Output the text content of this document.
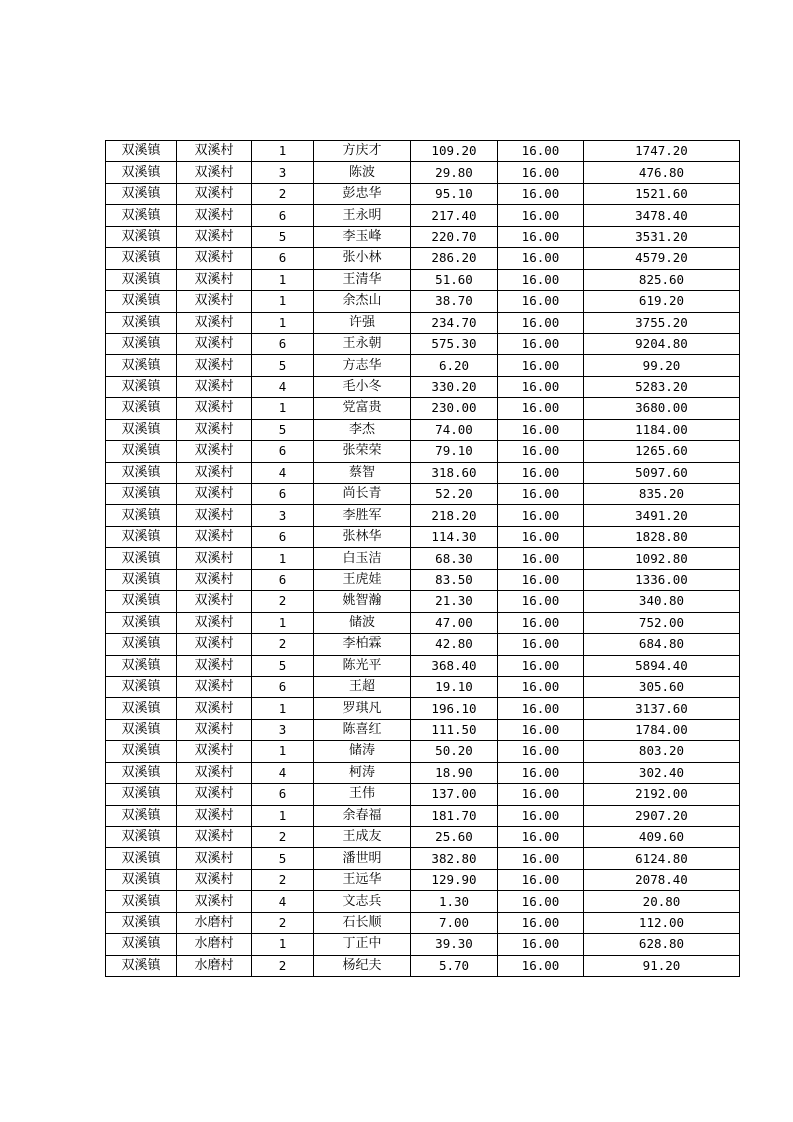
双溪镇	双溪村	1	方庆才	109.20	16.00	1747.20
双溪镇	双溪村	3	陈波	29.80	16.00	476.80
双溪镇	双溪村	2	彭忠华	95.10	16.00	1521.60
双溪镇	双溪村	6	王永明	217.40	16.00	3478.40
双溪镇	双溪村	5	李玉峰	220.70	16.00	3531.20
双溪镇	双溪村	6	张小林	286.20	16.00	4579.20
双溪镇	双溪村	1	王清华	51.60	16.00	825.60
双溪镇	双溪村	1	余杰山	38.70	16.00	619.20
双溪镇	双溪村	1	许强	234.70	16.00	3755.20
双溪镇	双溪村	6	王永朝	575.30	16.00	9204.80
双溪镇	双溪村	5	方志华	6.20	16.00	99.20
双溪镇	双溪村	4	毛小冬	330.20	16.00	5283.20
双溪镇	双溪村	1	党富贵	230.00	16.00	3680.00
双溪镇	双溪村	5	李杰	74.00	16.00	1184.00
双溪镇	双溪村	6	张荣荣	79.10	16.00	1265.60
双溪镇	双溪村	4	蔡智	318.60	16.00	5097.60
双溪镇	双溪村	6	尚长青	52.20	16.00	835.20
双溪镇	双溪村	3	李胜军	218.20	16.00	3491.20
双溪镇	双溪村	6	张林华	114.30	16.00	1828.80
双溪镇	双溪村	1	白玉洁	68.30	16.00	1092.80
双溪镇	双溪村	6	王虎娃	83.50	16.00	1336.00
双溪镇	双溪村	2	姚智瀚	21.30	16.00	340.80
双溪镇	双溪村	1	储波	47.00	16.00	752.00
双溪镇	双溪村	2	李柏霖	42.80	16.00	684.80
双溪镇	双溪村	5	陈光平	368.40	16.00	5894.40
双溪镇	双溪村	6	王超	19.10	16.00	305.60
双溪镇	双溪村	1	罗琪凡	196.10	16.00	3137.60
双溪镇	双溪村	3	陈喜红	111.50	16.00	1784.00
双溪镇	双溪村	1	储涛	50.20	16.00	803.20
双溪镇	双溪村	4	柯涛	18.90	16.00	302.40
双溪镇	双溪村	6	王伟	137.00	16.00	2192.00
双溪镇	双溪村	1	余春福	181.70	16.00	2907.20
双溪镇	双溪村	2	王成友	25.60	16.00	409.60
双溪镇	双溪村	5	潘世明	382.80	16.00	6124.80
双溪镇	双溪村	2	王远华	129.90	16.00	2078.40
双溪镇	双溪村	4	文志兵	1.30	16.00	20.80
双溪镇	水磨村	2	石长顺	7.00	16.00	112.00
双溪镇	水磨村	1	丁正中	39.30	16.00	628.80
双溪镇	水磨村	2	杨纪夫	5.70	16.00	91.20
